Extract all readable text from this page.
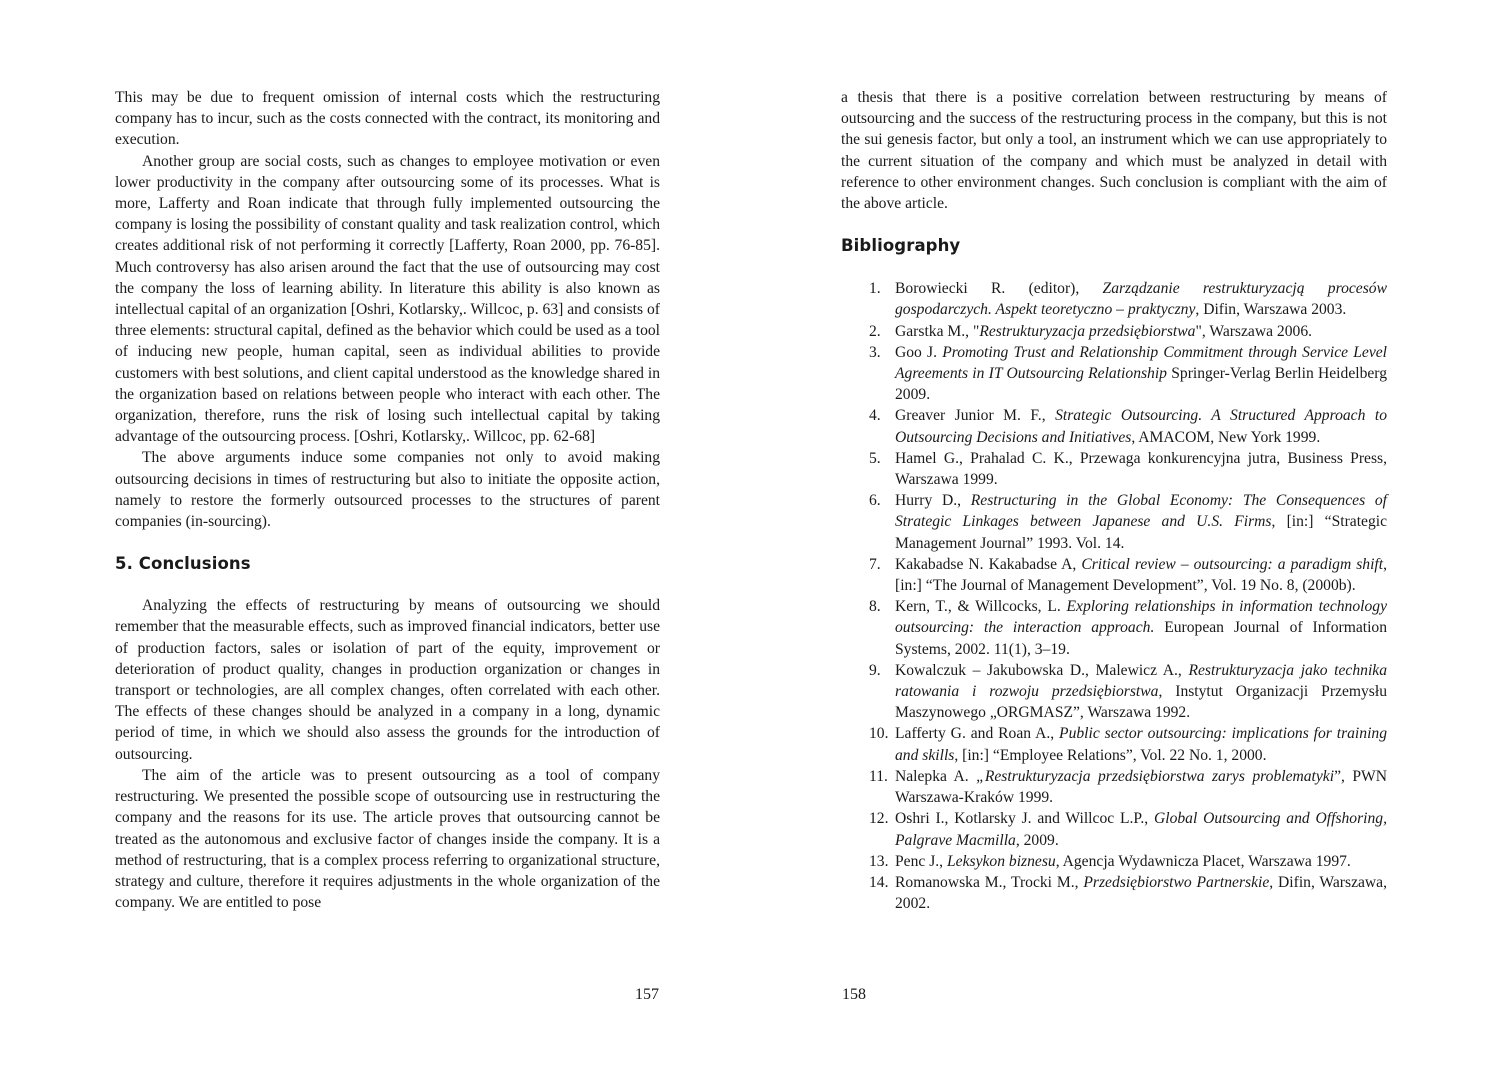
This may be due to frequent omission of internal costs which the restructuring company has to incur, such as the costs connected with the contract, its monitoring and execution.

Another group are social costs, such as changes to employee motivation or even lower productivity in the company after outsourcing some of its processes. What is more, Lafferty and Roan indicate that through fully implemented outsourcing the company is losing the possibility of constant quality and task realization control, which creates additional risk of not performing it correctly [Lafferty, Roan 2000, pp. 76-85]. Much controversy has also arisen around the fact that the use of outsourcing may cost the company the loss of learning ability. In literature this ability is also known as intellectual capital of an organization [Oshri, Kotlarsky,. Willcoc, p. 63] and consists of three elements: structural capital, defined as the behavior which could be used as a tool of inducing new people, human capital, seen as individual abilities to provide customers with best solutions, and client capital understood as the knowledge shared in the organization based on relations between people who interact with each other. The organization, therefore, runs the risk of losing such intellectual capital by taking advantage of the outsourcing process. [Oshri, Kotlarsky,. Willcoc, pp. 62-68]

The above arguments induce some companies not only to avoid making outsourcing decisions in times of restructuring but also to initiate the opposite action, namely to restore the formerly outsourced processes to the structures of parent companies (in-sourcing).

5. Conclusions

Analyzing the effects of restructuring by means of outsourcing we should remember that the measurable effects, such as improved financial indicators, better use of production factors, sales or isolation of part of the equity, improvement or deterioration of product quality, changes in production organization or changes in transport or technologies, are all complex changes, often correlated with each other. The effects of these changes should be analyzed in a company in a long, dynamic period of time, in which we should also assess the grounds for the introduction of outsourcing.

The aim of the article was to present outsourcing as a tool of company restructuring. We presented the possible scope of outsourcing use in restructuring the company and the reasons for its use. The article proves that outsourcing cannot be treated as the autonomous and exclusive factor of changes inside the company. It is a method of restructuring, that is a complex process referring to organizational structure, strategy and culture, therefore it requires adjustments in the whole organization of the company. We are entitled to pose

157

a thesis that there is a positive correlation between restructuring by means of outsourcing and the success of the restructuring process in the company, but this is not the sui genesis factor, but only a tool, an instrument which we can use appropriately to the current situation of the company and which must be analyzed in detail with reference to other environment changes. Such conclusion is compliant with the aim of the above article.

Bibliography
1. Borowiecki R. (editor), Zarządzanie restrukturyzacją procesów gospodarczych. Aspekt teoretyczno – praktyczny, Difin, Warszawa 2003.
2. Garstka M., "Restrukturyzacja przedsiębiorstwa", Warszawa 2006.
3. Goo J. Promoting Trust and Relationship Commitment through Service Level Agreements in IT Outsourcing Relationship Springer-Verlag Berlin Heidelberg 2009.
4. Greaver Junior M. F., Strategic Outsourcing. A Structured Approach to Outsourcing Decisions and Initiatives, AMACOM, New York 1999.
5. Hamel G., Prahalad C. K., Przewaga konkurencyjna jutra, Business Press, Warszawa 1999.
6. Hurry D., Restructuring in the Global Economy: The Consequences of Strategic Linkages between Japanese and U.S. Firms, [in:] “Strategic Management Journal” 1993. Vol. 14.
7. Kakabadse N. Kakabadse A, Critical review – outsourcing: a paradigm shift, [in:] “The Journal of Management Development”, Vol. 19 No. 8, (2000b).
8. Kern, T., & Willcocks, L. Exploring relationships in information technology outsourcing: the interaction approach. European Journal of Information Systems, 2002. 11(1), 3–19.
9. Kowalczuk – Jakubowska D., Malewicz A., Restrukturyzacja jako technika ratowania i rozwoju przedsiębiorstwa, Instytut Organizacji Przemysłu Maszynowego „ORGMASZ”, Warszawa 1992.
10. Lafferty G. and Roan A., Public sector outsourcing: implications for training and skills, [in:] “Employee Relations”, Vol. 22 No. 1, 2000.
11. Nalepka A. „Restrukturyzacja przedsiębiorstwa zarys problematyki”, PWN Warszawa-Kraków 1999.
12. Oshri I., Kotlarsky J. and Willcoc L.P., Global Outsourcing and Offshoring, Palgrave Macmilla, 2009.
13. Penc J., Leksykon biznesu, Agencja Wydawnicza Placet, Warszawa 1997.
14. Romanowska M., Trocki M., Przedsiębiorstwo Partnerskie, Difin, Warszawa, 2002.
158
